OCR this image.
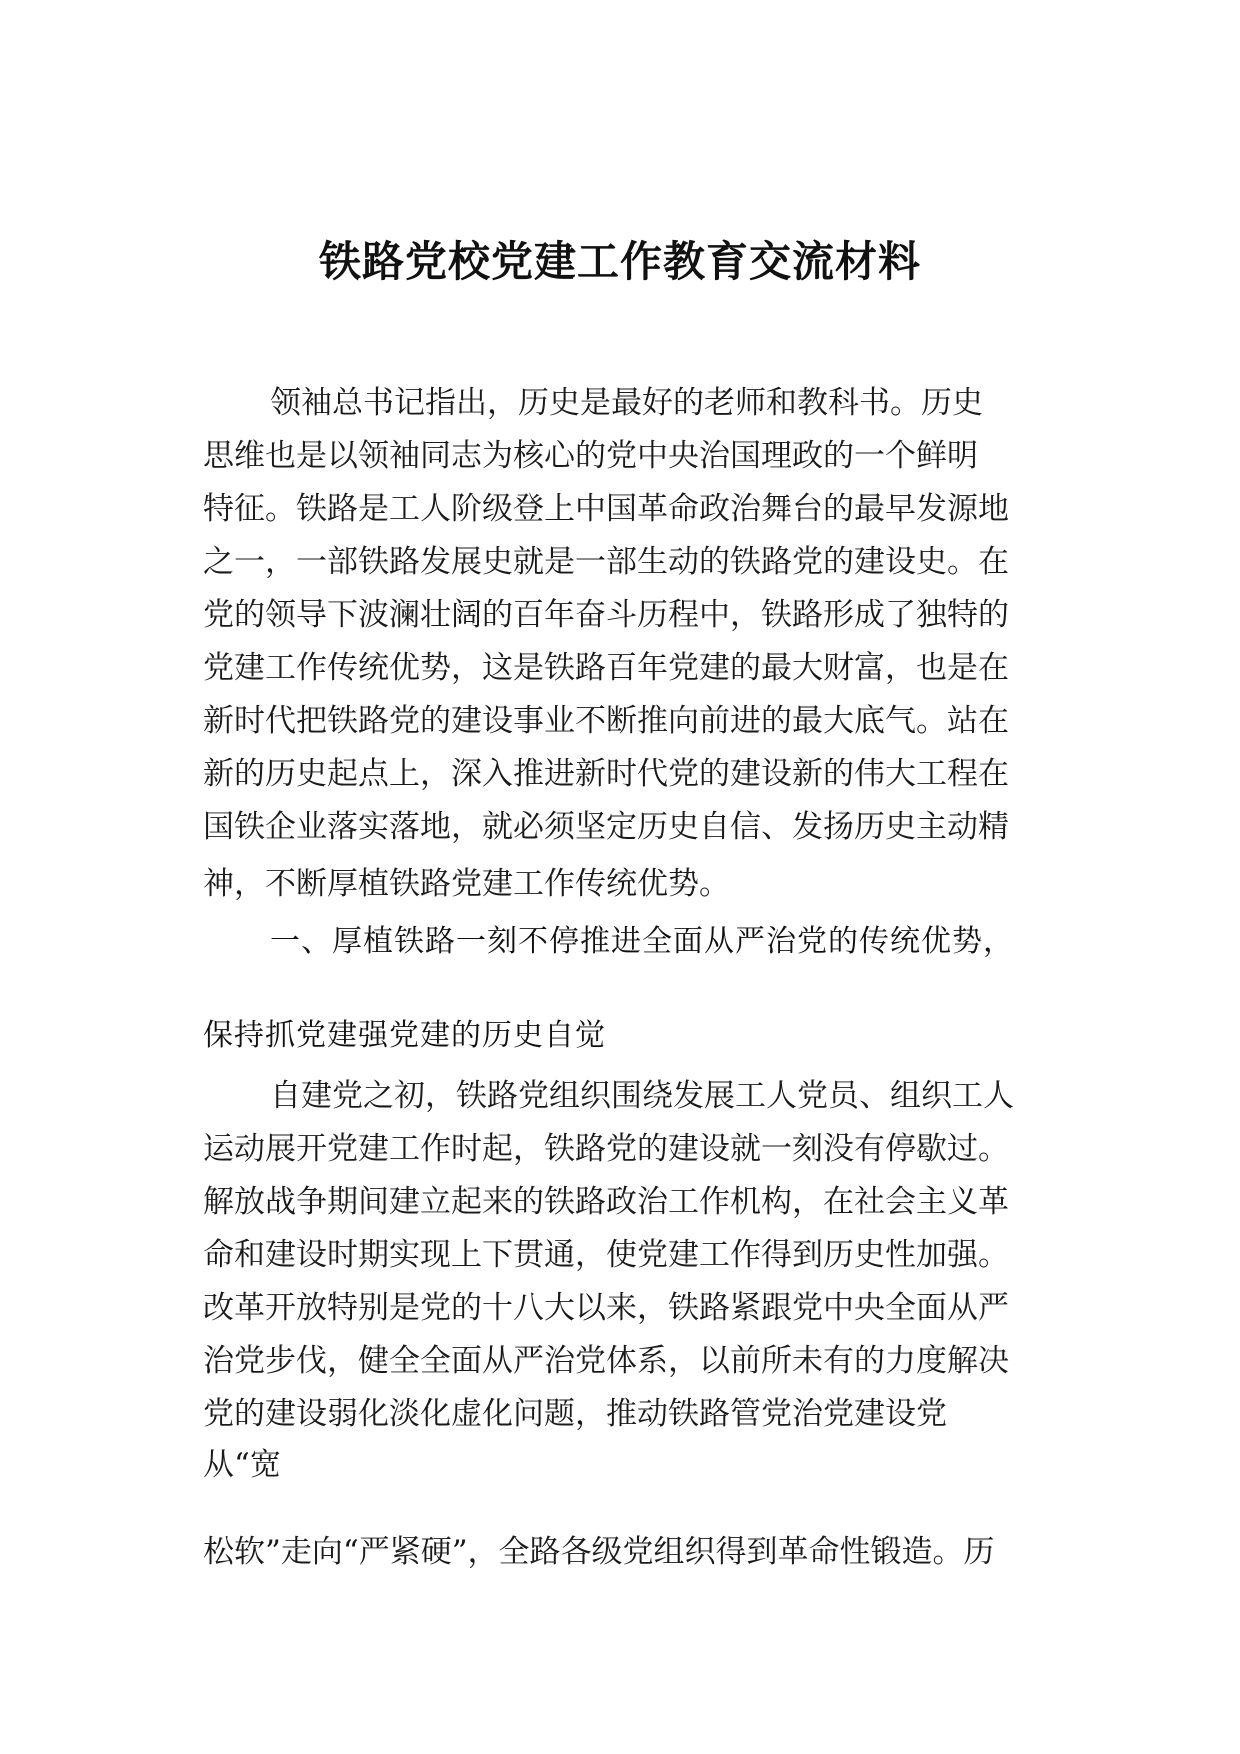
铁路党校党建工作教育交流材料
领袖总书记指出，历史是最好的老师和教科书。历史
思维也是以领袖同志为核心的党中央治国理政的一个鲜明
特征。铁路是工人阶级登上中国革命政治舞台的最早发源地
之一，一部铁路发展史就是一部生动的铁路党的建设史。在
党的领导下波澜壮阔的百年奋斗历程中，铁路形成了独特的
党建工作传统优势，这是铁路百年党建的最大财富，也是在
新时代把铁路党的建设事业不断推向前进的最大底气。站在
新的历史起点上，深入推进新时代党的建设新的伟大工程在
国铁企业落实落地，就必须坚定历史自信、发扬历史主动精
神，不断厚植铁路党建工作传统优势。
一、厚植铁路一刻不停推进全面从严治党的传统优势，
保持抓党建强党建的历史自觉
自建党之初，铁路党组织围绕发展工人党员、组织工人
运动展开党建工作时起，铁路党的建设就一刻没有停歇过。
解放战争期间建立起来的铁路政治工作机构，在社会主义革
命和建设时期实现上下贯通，使党建工作得到历史性加强。
改革开放特别是党的十八大以来，铁路紧跟党中央全面从严
治党步伐，健全全面从严治党体系，以前所未有的力度解决
党的建设弱化淡化虚化问题，推动铁路管党治党建设党
从“宽
松软”走向“严紧硬”，全路各级党组织得到革命性锻造。历
